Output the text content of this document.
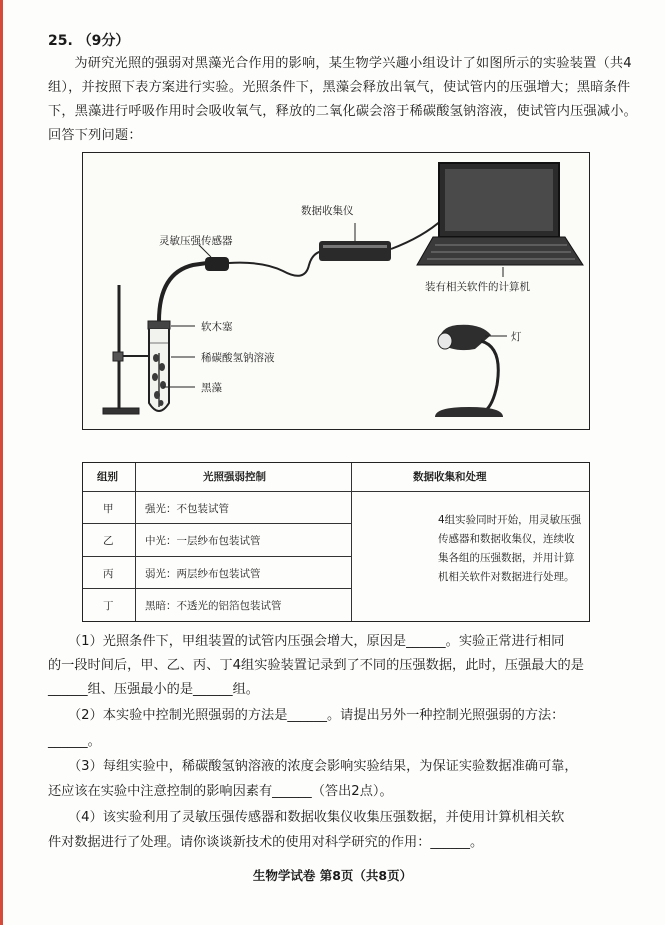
25. （9分）
为研究光照的强弱对黑藻光合作用的影响，某生物学兴趣小组设计了如图所示的实验装置（共4组），并按照下表方案进行实验。光照条件下，黑藻会释放出氧气，使试管内的压强增大；黑暗条件下，黑藻进行呼吸作用时会吸收氧气，释放的二氧化碳会溶于稀碳酸氢钠溶液，使试管内压强减小。回答下列问题：
数据收集仪
灵敏压强传感器
装有相关软件的计算机
软木塞
稀碳酸氢钠溶液
黑藻
灯
组别	光照强弱控制	数据收集和处理
甲	强光：不包装试管
乙	中光：一层纱布包装试管
丙	弱光：两层纱布包装试管
丁	黑暗：不透光的铝箔包装试管
4组实验同时开始，用灵敏压强传感器和数据收集仪，连续收集各组的压强数据，并用计算机相关软件对数据进行处理。
（1）光照条件下，甲组装置的试管内压强会增大，原因是______。实验正常进行相同
的一段时间后，甲、乙、丙、丁4组实验装置记录到了不同的压强数据，此时，压强最大的是
______组、压强最小的是______组。
（2）本实验中控制光照强弱的方法是______。请提出另外一种控制光照强弱的方法：
______。
（3）每组实验中，稀碳酸氢钠溶液的浓度会影响实验结果，为保证实验数据准确可靠，
还应该在实验中注意控制的影响因素有______（答出2点）。
（4）该实验利用了灵敏压强传感器和数据收集仪收集压强数据，并使用计算机相关软
件对数据进行了处理。请你谈谈新技术的使用对科学研究的作用：______。
生物学试卷 第8页（共8页）
